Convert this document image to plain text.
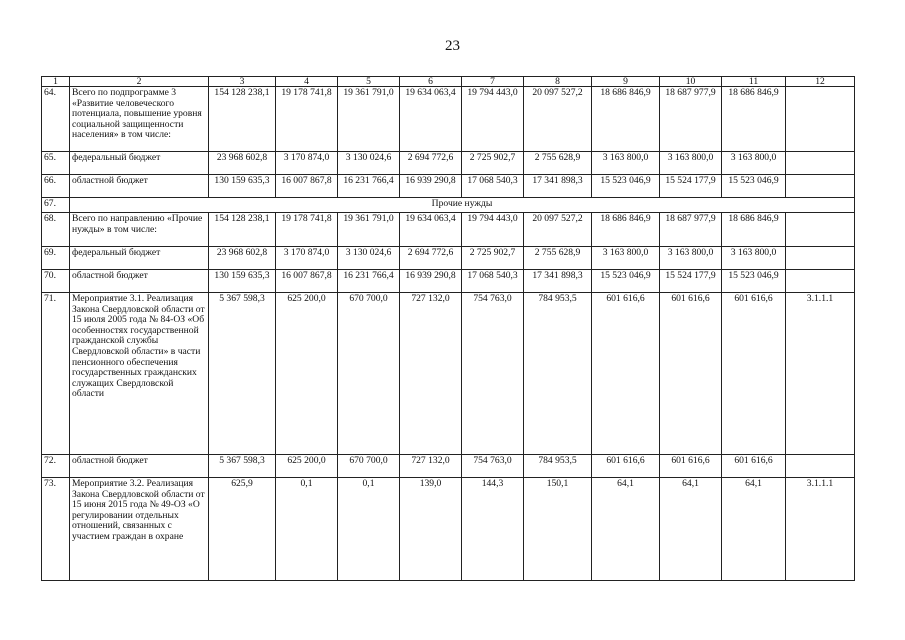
23
1	2	3	4	5	6	7	8	9	10	11	12
64.	Всего по подпрограмме 3 «Развитие человеческого потенциала, повышение уровня социальной защищенности населения» в том числе:	154 128 238,1	19 178 741,8	19 361 791,0	19 634 063,4	19 794 443,0	20 097 527,2	18 686 846,9	18 687 977,9	18 686 846,9	
65.	федеральный бюджет	23 968 602,8	3 170 874,0	3 130 024,6	2 694 772,6	2 725 902,7	2 755 628,9	3 163 800,0	3 163 800,0	3 163 800,0	
66.	областной бюджет	130 159 635,3	16 007 867,8	16 231 766,4	16 939 290,8	17 068 540,3	17 341 898,3	15 523 046,9	15 524 177,9	15 523 046,9	
67.	Прочие нужды										
68.	Всего по направлению «Прочие нужды» в том числе:	154 128 238,1	19 178 741,8	19 361 791,0	19 634 063,4	19 794 443,0	20 097 527,2	18 686 846,9	18 687 977,9	18 686 846,9	
69.	федеральный бюджет	23 968 602,8	3 170 874,0	3 130 024,6	2 694 772,6	2 725 902,7	2 755 628,9	3 163 800,0	3 163 800,0	3 163 800,0	
70.	областной бюджет	130 159 635,3	16 007 867,8	16 231 766,4	16 939 290,8	17 068 540,3	17 341 898,3	15 523 046,9	15 524 177,9	15 523 046,9	
71.	Мероприятие 3.1. Реализация Закона Свердловской области от 15 июля 2005 года № 84-ОЗ «Об особенностях государственной гражданской службы Свердловской области» в части пенсионного обеспечения государственных гражданских служащих Свердловской области	5 367 598,3	625 200,0	670 700,0	727 132,0	754 763,0	784 953,5	601 616,6	601 616,6	601 616,6	3.1.1.1
72.	областной бюджет	5 367 598,3	625 200,0	670 700,0	727 132,0	754 763,0	784 953,5	601 616,6	601 616,6	601 616,6	
73.	Мероприятие 3.2. Реализация Закона Свердловской области от 15 июня 2015 года № 49-ОЗ «О регулировании отдельных отношений, связанных с участием граждан в охране	625,9	0,1	0,1	139,0	144,3	150,1	64,1	64,1	64,1	3.1.1.1
